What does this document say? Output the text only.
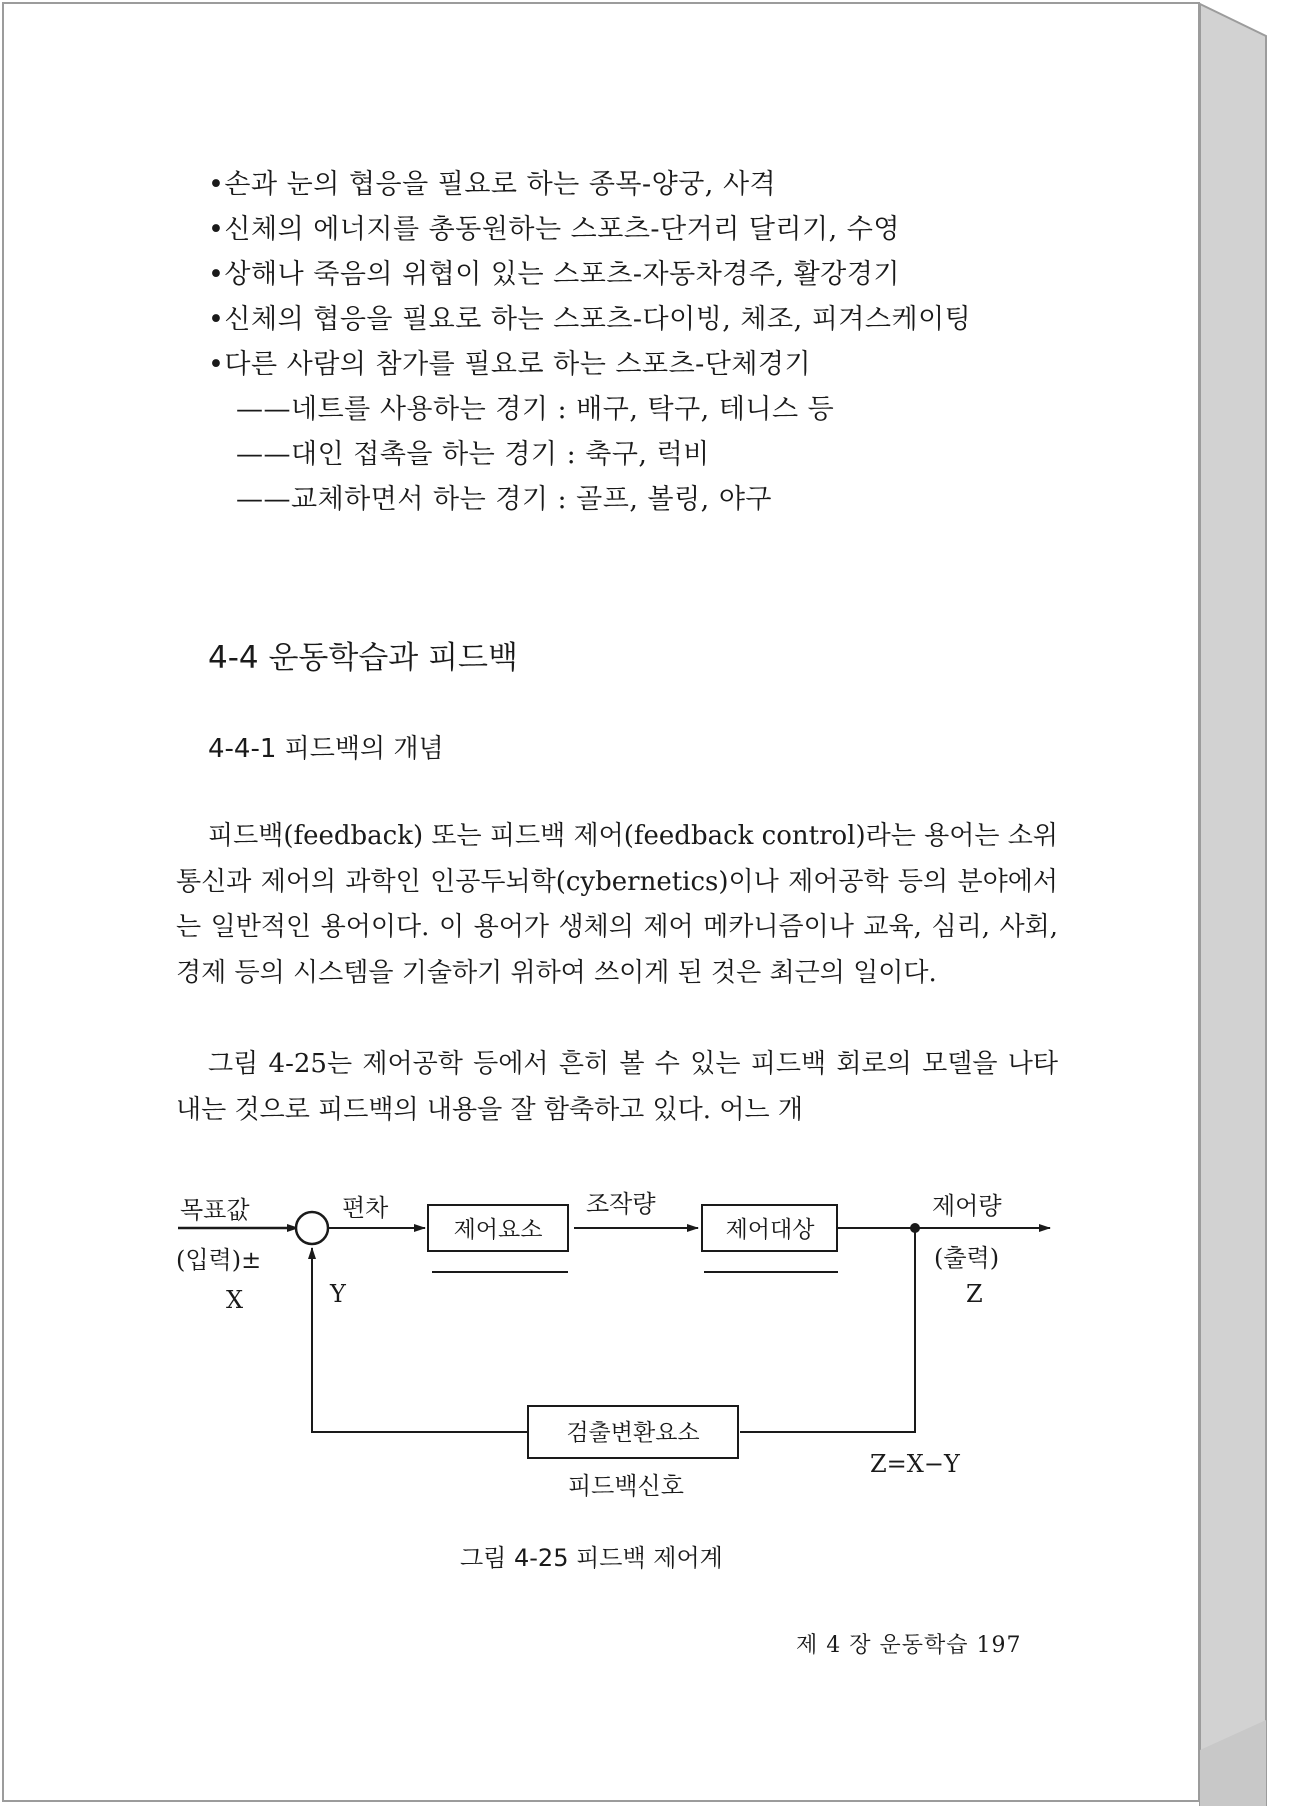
•손과 눈의 협응을 필요로 하는 종목-양궁, 사격
•신체의 에너지를 총동원하는 스포츠-단거리 달리기, 수영
•상해나 죽음의 위협이 있는 스포츠-자동차경주, 활강경기
•신체의 협응을 필요로 하는 스포츠-다이빙, 체조, 피겨스케이팅
•다른 사람의 참가를 필요로 하는 스포츠-단체경기
——네트를 사용하는 경기 : 배구, 탁구, 테니스 등
——대인 접촉을 하는 경기 : 축구, 럭비
——교체하면서 하는 경기 : 골프, 볼링, 야구
4-4 운동학습과 피드백
4-4-1 피드백의 개념

피드백(feedback) 또는 피드백 제어(feedback control)라는 용어는 소위 통신과 제어의 과학인 인공두뇌학(cybernetics)이나 제어공학 등의 분야에서는 일반적인 용어이다. 이 용어가 생체의 제어 메카니즘이나 교육, 심리, 사회, 경제 등의 시스템을 기술하기 위하여 쓰이게 된 것은 최근의 일이다.

그림 4-25는 제어공학 등에서 흔히 볼 수 있는 피드백 회로의 모델을 나타내는 것으로 피드백의 내용을 잘 함축하고 있다. 어느 개

목표값
(입력)±
X	Y
편차
제어요소
조작량
제어대상
제어량
(출력)
Z
검출변환요소
피드백신호
Z=X−Y
그림 4-25 피드백 제어계
제 4 장 운동학습 197
